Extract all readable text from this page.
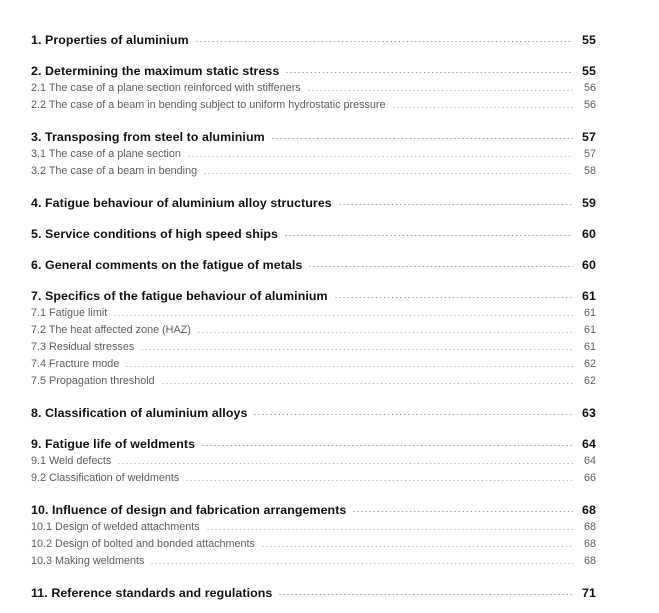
1. Properties of aluminium	55
2. Determining the maximum static stress	55
2.1 The case of a plane section reinforced with stiffeners	56
2.2 The case of a beam in bending subject to uniform hydrostatic pressure	56
3. Transposing from steel to aluminium	57
3.1 The case of a plane section	57
3.2 The case of a beam in bending	58
4. Fatigue behaviour of aluminium alloy structures	59
5. Service conditions of high speed ships	60
6. General comments on the fatigue of metals	60
7. Specifics of the fatigue behaviour of aluminium	61
7.1 Fatigue limit	61
7.2 The heat affected zone (HAZ)	61
7.3 Residual stresses	61
7.4 Fracture mode	62
7.5 Propagation threshold	62
8. Classification of aluminium alloys	63
9. Fatigue life of weldments	64
9.1 Weld defects	64
9.2 Classification of weldments	66
10. Influence of design and fabrication arrangements	68
10.1 Design of welded attachments	68
10.2 Design of bolted and bonded attachments	68
10.3 Making weldments	68
11. Reference standards and regulations	71
